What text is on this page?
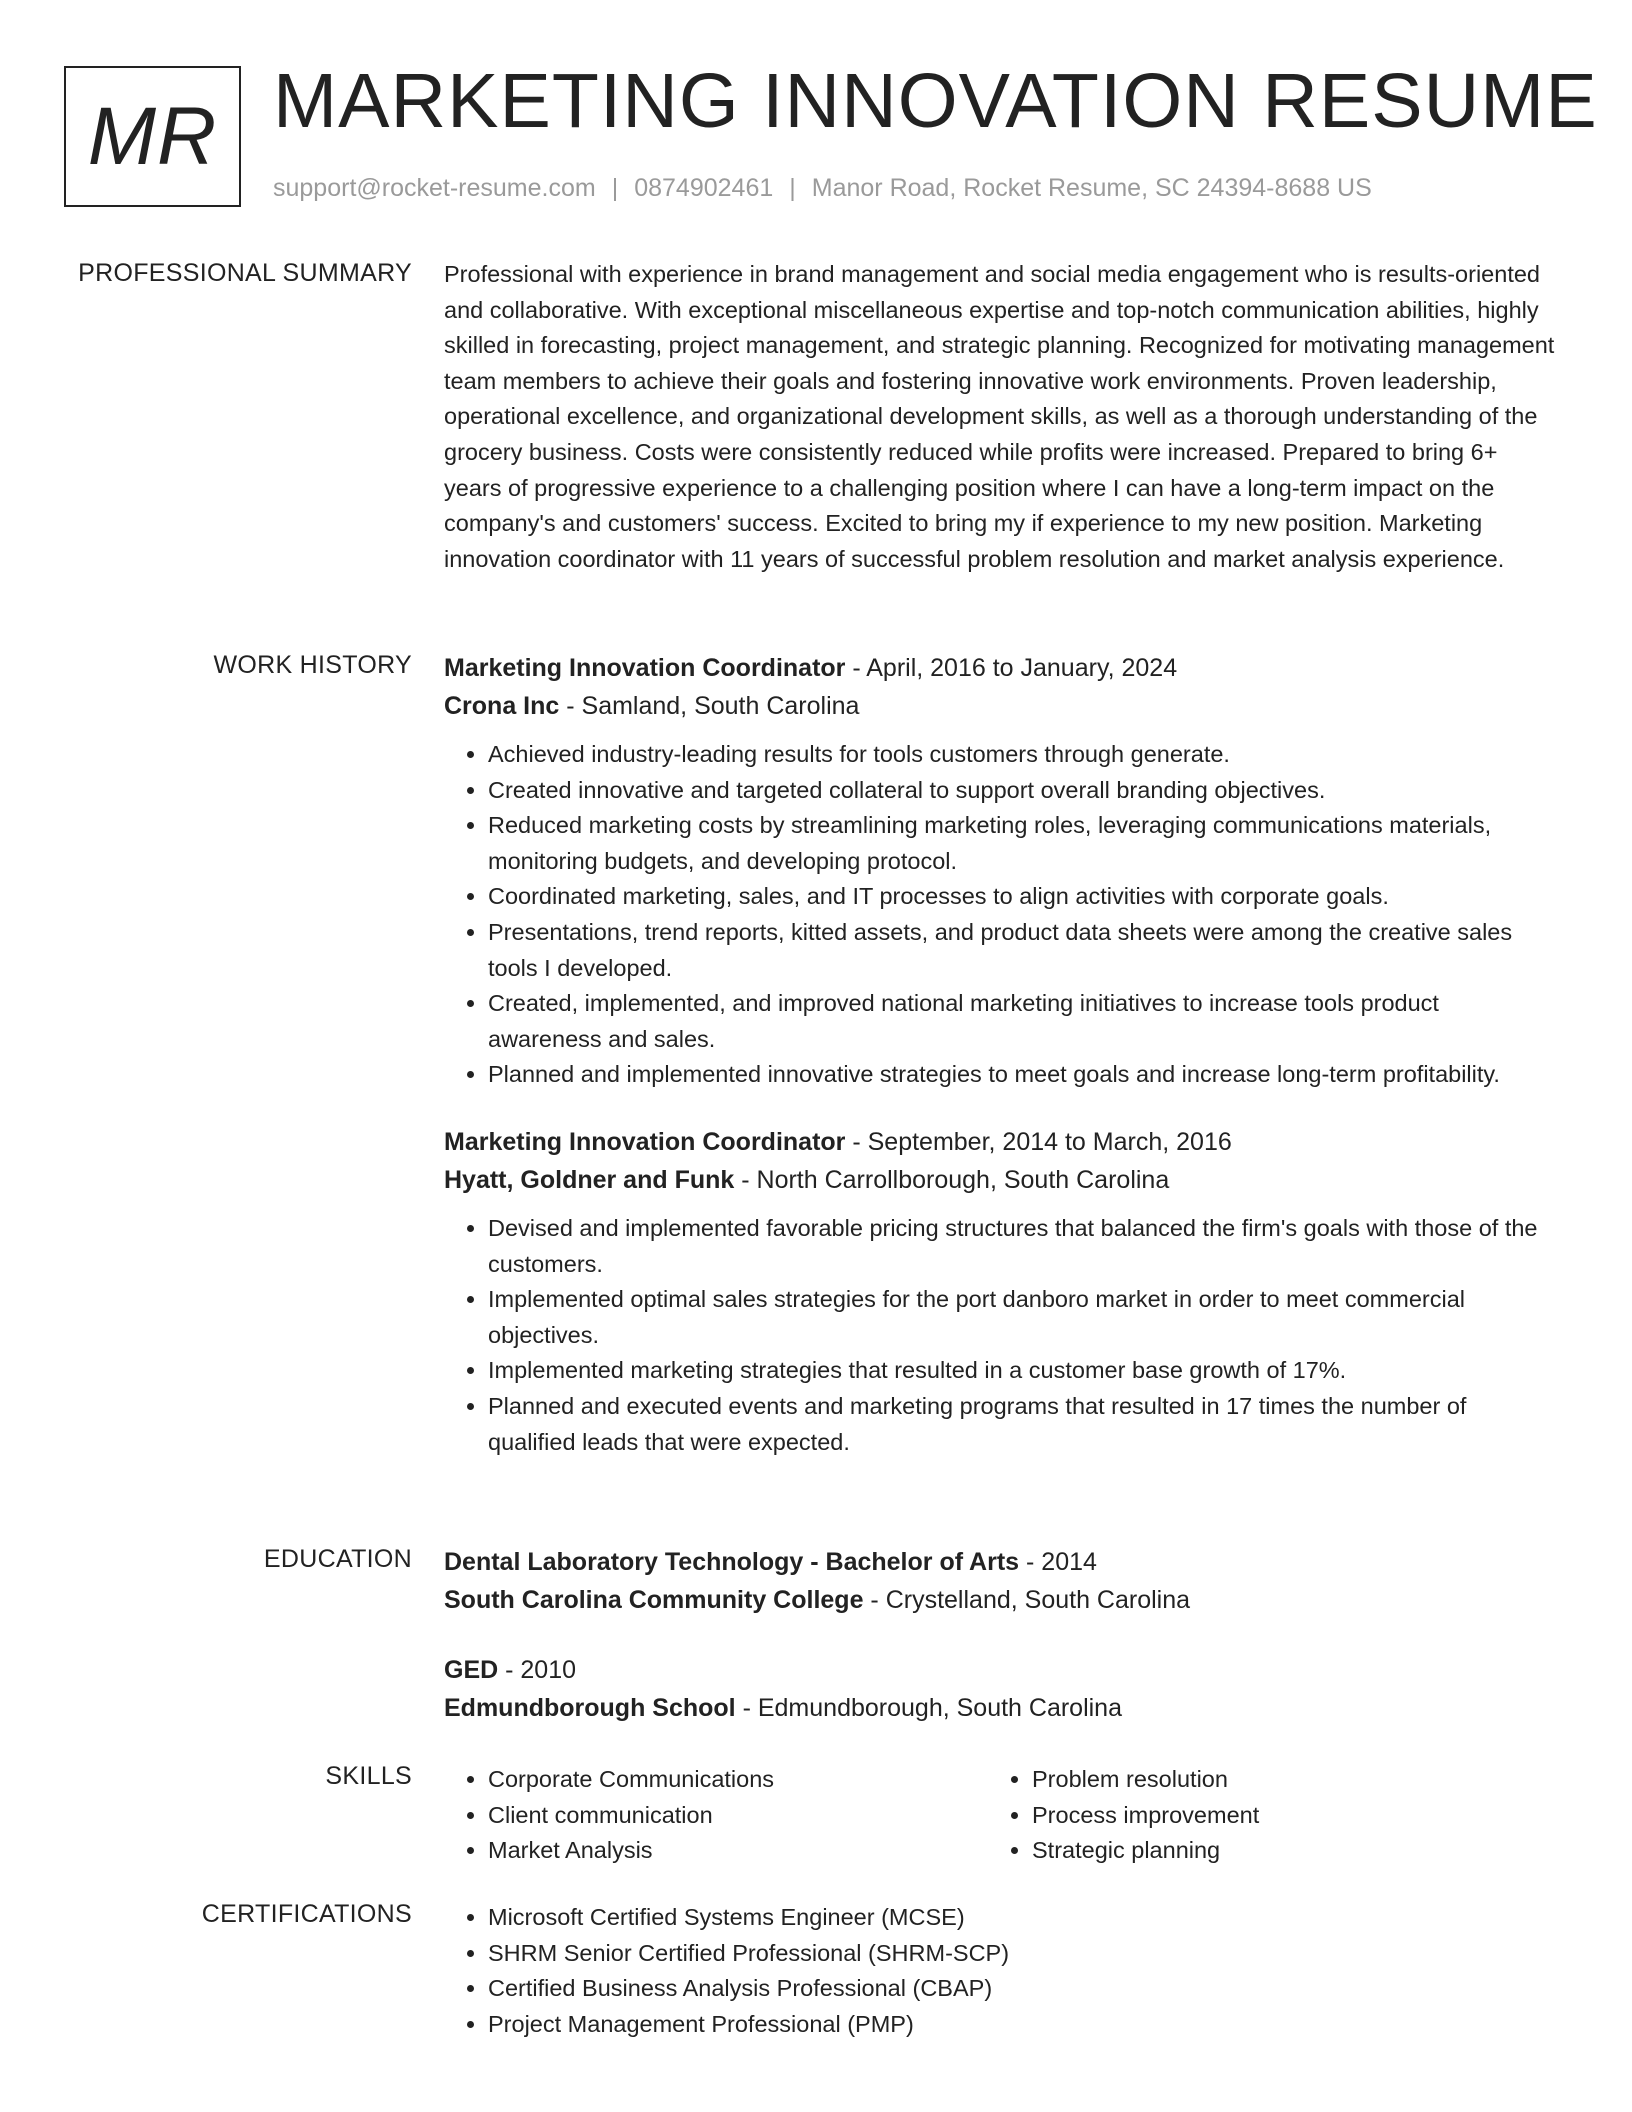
MR MARKETING INNOVATION RESUME
support@rocket-resume.com | 0874902461 | Manor Road, Rocket Resume, SC 24394-8688 US
PROFESSIONAL SUMMARY Professional with experience in brand management and social media engagement who is results-oriented and collaborative. With exceptional miscellaneous expertise and top-notch communication abilities, highly skilled in forecasting, project management, and strategic planning. Recognized for motivating management team members to achieve their goals and fostering innovative work environments. Proven leadership, operational excellence, and organizational development skills, as well as a thorough understanding of the grocery business. Costs were consistently reduced while profits were increased. Prepared to bring 6+ years of progressive experience to a challenging position where I can have a long-term impact on the company's and customers' success. Excited to bring my if experience to my new position. Marketing innovation coordinator with 11 years of successful problem resolution and market analysis experience.

WORK HISTORY Marketing Innovation Coordinator - April, 2016 to January, 2024
Crona Inc - Samland, South Carolina
• Achieved industry-leading results for tools customers through generate.
• Created innovative and targeted collateral to support overall branding objectives.
• Reduced marketing costs by streamlining marketing roles, leveraging communications materials, monitoring budgets, and developing protocol.
• Coordinated marketing, sales, and IT processes to align activities with corporate goals.
• Presentations, trend reports, kitted assets, and product data sheets were among the creative sales tools I developed.
• Created, implemented, and improved national marketing initiatives to increase tools product awareness and sales.
• Planned and implemented innovative strategies to meet goals and increase long-term profitability.
Marketing Innovation Coordinator - September, 2014 to March, 2016
Hyatt, Goldner and Funk - North Carrollborough, South Carolina
• Devised and implemented favorable pricing structures that balanced the firm's goals with those of the customers.
• Implemented optimal sales strategies for the port danboro market in order to meet commercial objectives.
• Implemented marketing strategies that resulted in a customer base growth of 17%.
• Planned and executed events and marketing programs that resulted in 17 times the number of qualified leads that were expected.
EDUCATION Dental Laboratory Technology - Bachelor of Arts - 2014
South Carolina Community College - Crystelland, South Carolina
GED - 2010
Edmundborough School - Edmundborough, South Carolina
SKILLS	• Corporate Communications
• Client communication
• Market Analysis
• Problem resolution
• Process improvement
• Strategic planning
CERTIFICATIONS	• Microsoft Certified Systems Engineer (MCSE)
• SHRM Senior Certified Professional (SHRM-SCP)
• Certified Business Analysis Professional (CBAP)
• Project Management Professional (PMP)
